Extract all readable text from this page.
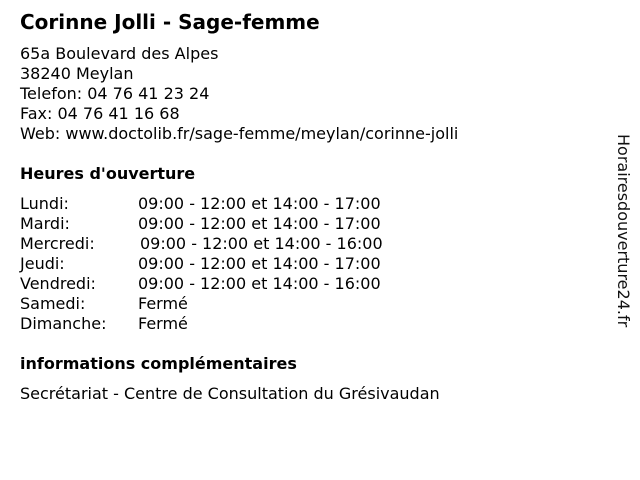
Corinne Jolli - Sage-femme
65a Boulevard des Alpes
38240 Meylan
Telefon: 04 76 41 23 24
Fax: 04 76 41 16 68
Web: www.doctolib.fr/sage-femme/meylan/corinne-jolli
Heures d'ouverture
Lundi:	09:00 - 12:00 et 14:00 - 17:00
Mardi:	09:00 - 12:00 et 14:00 - 17:00
Mercredi:	09:00 - 12:00 et 14:00 - 16:00
Jeudi:	09:00 - 12:00 et 14:00 - 17:00
Vendredi:	09:00 - 12:00 et 14:00 - 16:00
Samedi:	Fermé
Dimanche: Fermé
informations complémentaires
Secrétariat - Centre de Consultation du Grésivaudan
Horairesdouverture24.fr
